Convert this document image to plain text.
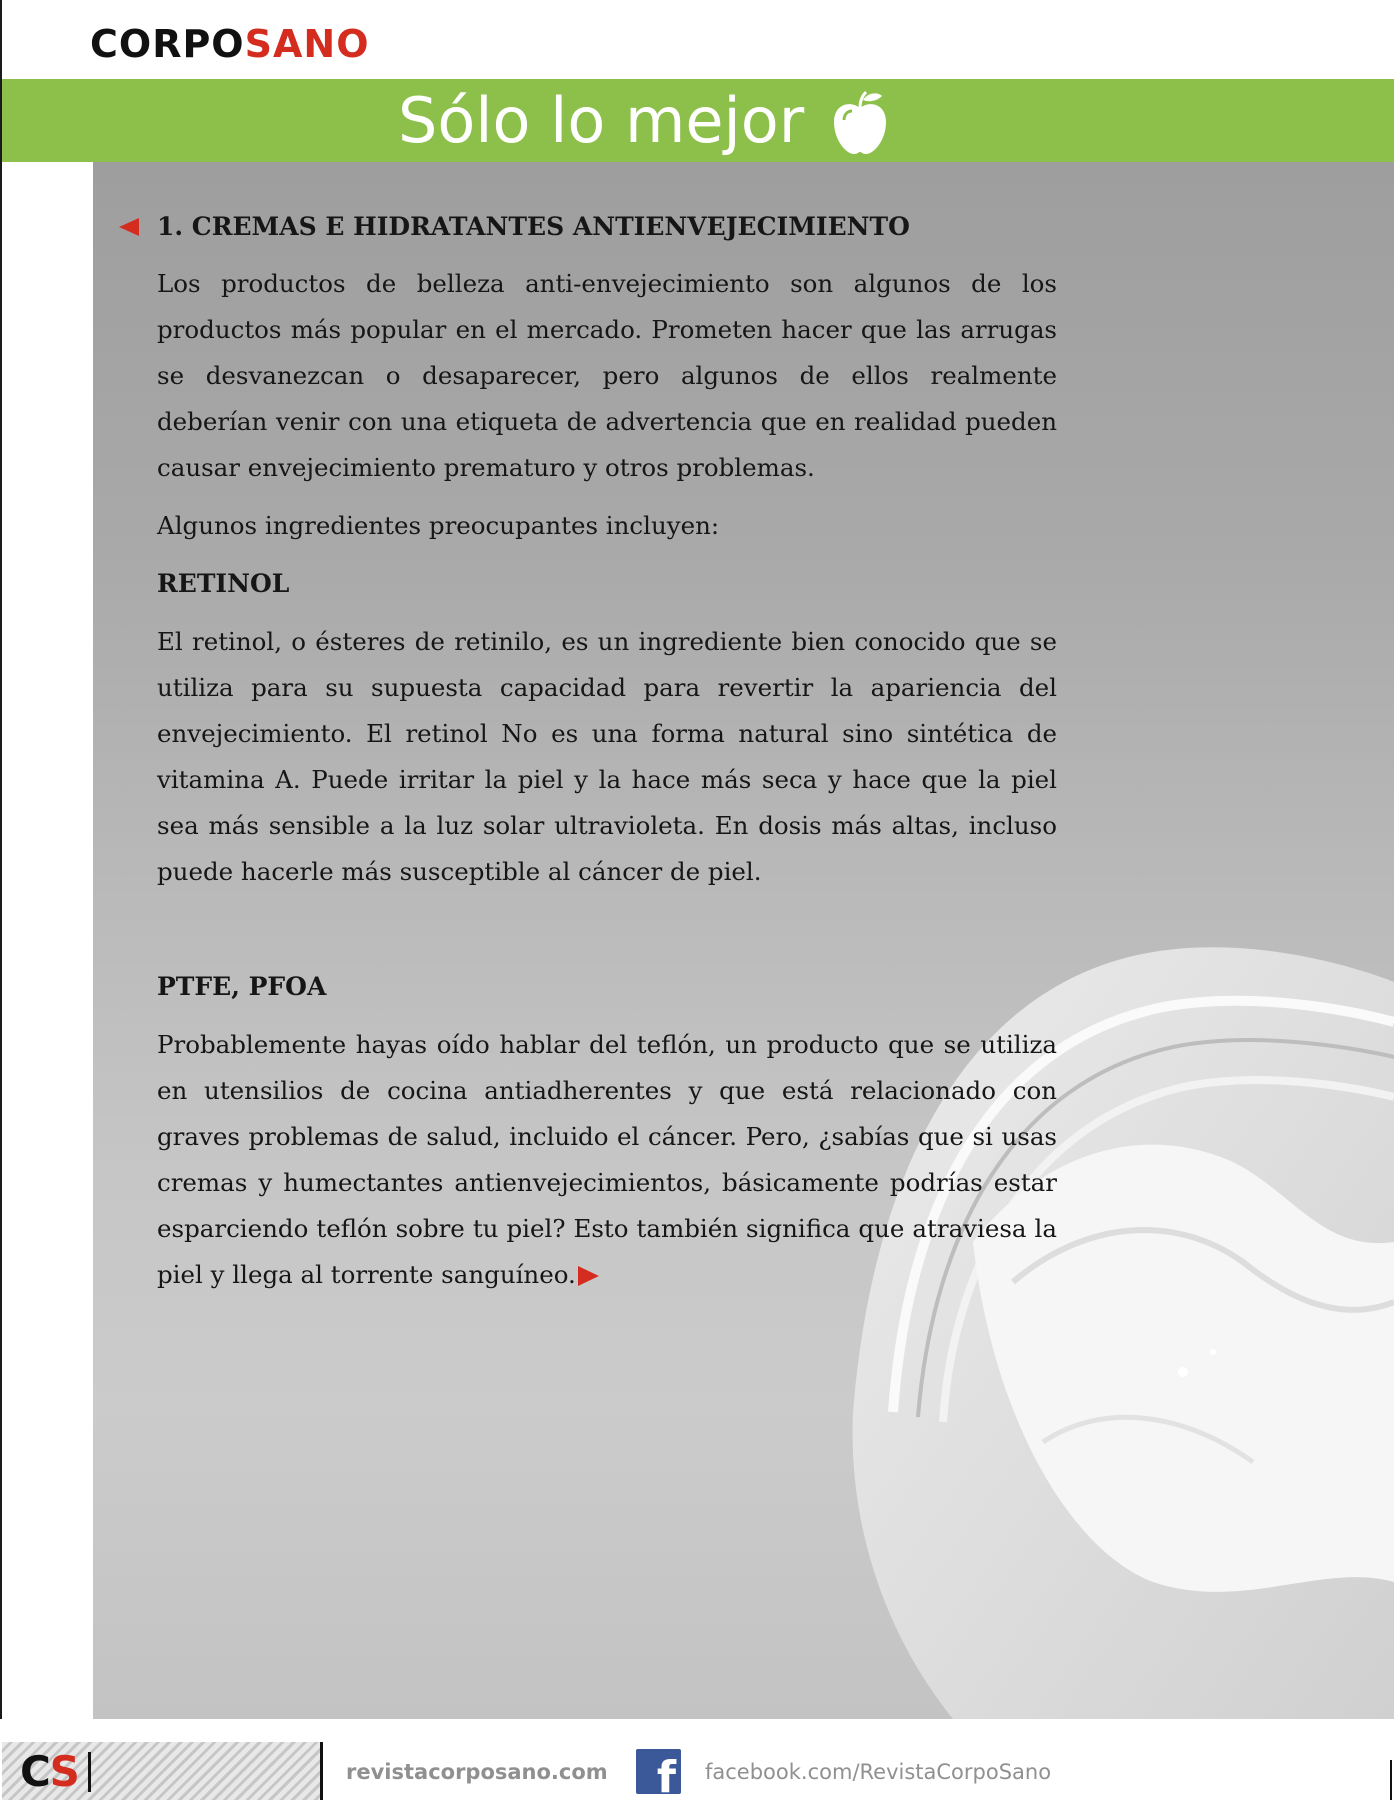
CORPOSANO
Sólo lo mejor
1. CREMAS E HIDRATANTES ANTIENVEJECIMIENTO

Los productos de belleza anti-envejecimiento son algunos de los productos más popular en el mercado. Prometen hacer que las arrugas se desvanezcan o desaparecer, pero algunos de ellos realmente deberían venir con una etiqueta de advertencia que en realidad pueden causar envejecimiento prematuro y otros problemas.

Algunos ingredientes preocupantes incluyen:

RETINOL

El retinol, o ésteres de retinilo, es un ingrediente bien conocido que se utiliza para su supuesta capacidad para revertir la apariencia del envejecimiento. El retinol No es una forma natural sino sintética de vitamina A. Puede irritar la piel y la hace más seca y hace que la piel sea más sensible a la luz solar ultravioleta. En dosis más altas, incluso puede hacerle más susceptible al cáncer de piel.

PTFE, PFOA

Probablemente hayas oído hablar del teflón, un producto que se utiliza en utensilios de cocina antiadherentes y que está relacionado con graves problemas de salud, incluido el cáncer. Pero, ¿sabías que si usas cremas y humectantes antienvejecimientos, básicamente podrías estar esparciendo teflón sobre tu piel? Esto también significa que atraviesa la piel y llega al torrente sanguíneo.

CS	revistacorposano.com f facebook.com/RevistaCorpoSano
